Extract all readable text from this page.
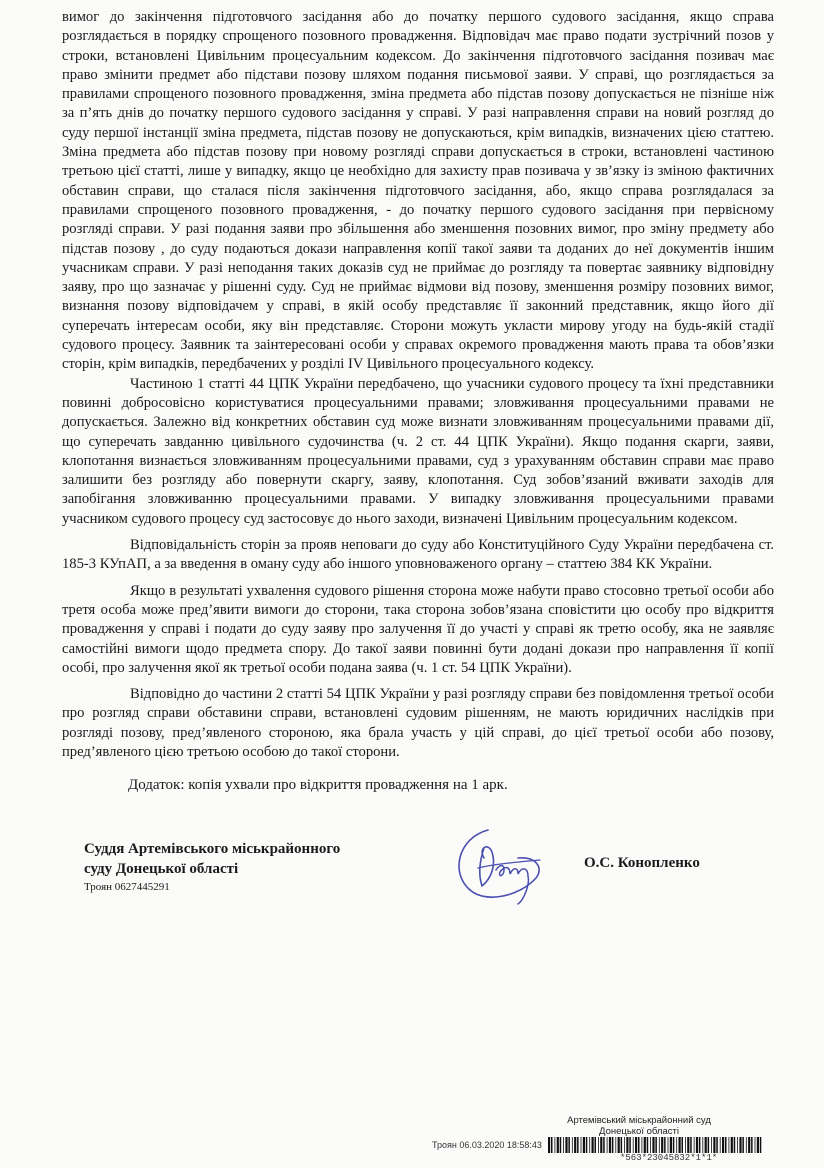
вимог до закінчення підготовчого засідання або до початку першого судового засідання, якщо справа розглядається в порядку спрощеного позовного провадження. Відповідач має право подати зустрічний позов у строки, встановлені Цивільним процесуальним кодексом. До закінчення підготовчого засідання позивач має право змінити предмет або підстави позову шляхом подання письмової заяви. У справі, що розглядається за правилами спрощеного позовного провадження, зміна предмета або підстав позову допускається не пізніше ніж за п’ять днів до початку першого судового засідання у справі. У разі направлення справи на новий розгляд до суду першої інстанції зміна предмета, підстав позову не допускаються, крім випадків, визначених цією статтею. Зміна предмета або підстав позову при новому розгляді справи допускається в строки, встановлені частиною третьою цієї статті, лише у випадку, якщо це необхідно для захисту прав позивача у зв’язку із зміною фактичних обставин справи, що сталася після закінчення підготовчого засідання, або, якщо справа розглядалася за правилами спрощеного позовного провадження, - до початку першого судового засідання при первісному розгляді справи. У разі подання заяви про збільшення або зменшення позовних вимог, про зміну предмету або підстав позову , до суду подаються докази направлення копії такої заяви та доданих до неї документів іншим учасникам справи. У разі неподання таких доказів суд не приймає до розгляду та повертає заявнику відповідну заяву, про що зазначає у рішенні суду. Суд не приймає відмови від позову, зменшення розміру позовних вимог, визнання позову відповідачем у справі, в якій особу представляє її законний представник, якщо його дії суперечать інтересам особи, яку він представляє. Сторони можуть укласти мирову угоду на будь-якій стадії судового процесу. Заявник та заінтересовані особи у справах окремого провадження мають права та обов’язки сторін, крім випадків, передбачених у розділі IV Цивільного процесуального кодексу.

Частиною 1 статті 44 ЦПК України передбачено, що учасники судового процесу та їхні представники повинні добросовісно користуватися процесуальними правами; зловживання процесуальними правами не допускається. Залежно від конкретних обставин суд може визнати зловживанням процесуальними правами дії, що суперечать завданню цивільного судочинства (ч. 2 ст. 44 ЦПК України). Якщо подання скарги, заяви, клопотання визнається зловживанням процесуальними правами, суд з урахуванням обставин справи має право залишити без розгляду або повернути скаргу, заяву, клопотання. Суд зобов’язаний вживати заходів для запобігання зловживанню процесуальними правами. У випадку зловживання процесуальними правами учасником судового процесу суд застосовує до нього заходи, визначені Цивільним процесуальним кодексом.

Відповідальність сторін за прояв неповаги до суду або Конституційного Суду України передбачена ст. 185-3 КУпАП, а за введення в оману суду або іншого уповноваженого органу – статтею 384 КК України.

Якщо в результаті ухвалення судового рішення сторона може набути право стосовно третьої особи або третя особа може пред’явити вимоги до сторони, така сторона зобов’язана сповістити цю особу про відкриття провадження у справі і подати до суду заяву про залучення її до участі у справі як третю особу, яка не заявляє самостійні вимоги щодо предмета спору. До такої заяви повинні бути додані докази про направлення її копії особі, про залучення якої як третьої особи подана заява (ч. 1 ст. 54 ЦПК України).

Відповідно до частини 2 статті 54 ЦПК України у разі розгляду справи без повідомлення третьої особи про розгляд справи обставини справи, встановлені судовим рішенням, не мають юридичних наслідків при розгляді позову, пред’явленого стороною, яка брала участь у цій справі, до цієї третьої особи або позову, пред’явленого цією третьою особою до такої сторони.

Додаток: копія ухвали про відкриття провадження на 1 арк.

Суддя Артемівського міськрайонного
суду Донецької області

Троян 0627445291

О.С. Конопленко

Артемівський міськрайонний суд
Донецької області

Троян 06.03.2020 18:58:43

*563*23045832*1*1*
